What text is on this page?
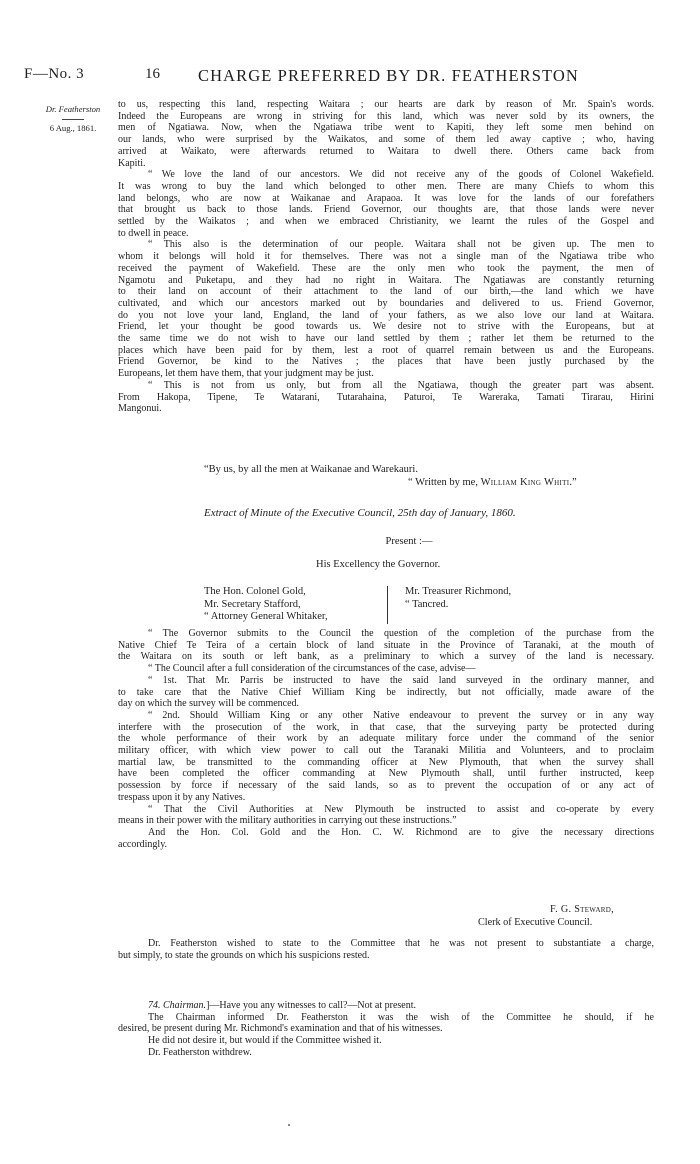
F—No. 3	16 CHARGE PREFERRED BY DR. FEATHERSTON
Dr. Featherston
6 Aug., 1861.
to us, respecting this land, respecting Waitara ; our hearts are dark by reason of Mr. Spain's words.
Indeed the Europeans are wrong in striving for this land, which was never sold by its owners, the
men of Ngatiawa. Now, when the Ngatiawa tribe went to Kapiti, they left some men behind on
our lands, who were surprised by the Waikatos, and some of them led away captive ; who, having
arrived at Waikato, were afterwards returned to Waitara to dwell there. Others came back from
Kapiti.
“ We love the land of our ancestors. We did not receive any of the goods of Colonel Wakefield.
It was wrong to buy the land which belonged to other men. There are many Chiefs to whom this
land belongs, who are now at Waikanae and Arapaoa. It was love for the lands of our forefathers
that brought us back to those lands. Friend Governor, our thoughts are, that those lands were never
settled by the Waikatos ; and when we embraced Christianity, we learnt the rules of the Gospel and
to dwell in peace.
“ This also is the determination of our people. Waitara shall not be given up. The men to
whom it belongs will hold it for themselves. There was not a single man of the Ngatiawa tribe who
received the payment of Wakefield. These are the only men who took the payment, the men of
Ngamotu and Puketapu, and they had no right in Waitara. The Ngatiawas are constantly returning
to their land on account of their attachment to the land of our birth,—the land which we have
cultivated, and which our ancestors marked out by boundaries and delivered to us. Friend Governor,
do you not love your land, England, the land of your fathers, as we also love our land at Waitara.
Friend, let your thought be good towards us. We desire not to strive with the Europeans, but at
the same time we do not wish to have our land settled by them ; rather let them be returned to the
places which have been paid for by them, lest a root of quarrel remain between us and the Europeans.
Friend Governor, be kind to the Natives ; the places that have been justly purchased by the
Europeans, let them have them, that your judgment may be just.
“ This is not from us only, but from all the Ngatiawa, though the greater part was absent.
From Hakopa, Tipene, Te Watarani, Tutarahaina, Paturoi, Te Wareraka, Tamati Tirarau, Hirini
Mangonui.
“By us, by all the men at Waikanae and Warekauri.
“ Written by me, William King Whiti.”
Extract of Minute of the Executive Council, 25th day of January, 1860.
Present :—
His Excellency the Governor.
The Hon. Colonel Gold,
Mr. Secretary Stafford,
“ Attorney General Whitaker,
Mr. Treasurer Richmond,
“ Tancred.
“ The Governor submits to the Council the question of the completion of the purchase from the
Native Chief Te Teira of a certain block of land situate in the Province of Taranaki, at the mouth of
the Waitara on its south or left bank, as a preliminary to which a survey of the land is necessary.
“ The Council after a full consideration of the circumstances of the case, advise—
“ 1st. That Mr. Parris be instructed to have the said land surveyed in the ordinary manner, and
to take care that the Native Chief William King be indirectly, but not officially, made aware of the
day on which the survey will be commenced.
“ 2nd. Should William King or any other Native endeavour to prevent the survey or in any way
interfere with the prosecution of the work, in that case, that the surveying party be protected during
the whole performance of their work by an adequate military force under the command of the senior
military officer, with which view power to call out the Taranaki Militia and Volunteers, and to proclaim
martial law, be transmitted to the commanding officer at New Plymouth, that when the survey shall
have been completed the officer commanding at New Plymouth shall, until further instructed, keep
possession by force if necessary of the said lands, so as to prevent the occupation of or any act of
trespass upon it by any Natives.
“ That the Civil Authorities at New Plymouth be instructed to assist and co-operate by every
means in their power with the military authorities in carrying out these instructions.”
And the Hon. Col. Gold and the Hon. C. W. Richmond are to give the necessary directions
accordingly.
F. G. Steward,
Clerk of Executive Council.
Dr. Featherston wished to state to the Committee that he was not present to substantiate a charge,
but simply, to state the grounds on which his suspicions rested.
74. Chairman.]—Have you any witnesses to call?—Not at present.
The Chairman informed Dr. Featherston it was the wish of the Committee he should, if he
desired, be present during Mr. Richmond's examination and that of his witnesses.
He did not desire it, but would if the Committee wished it.
Dr. Featherston withdrew.
